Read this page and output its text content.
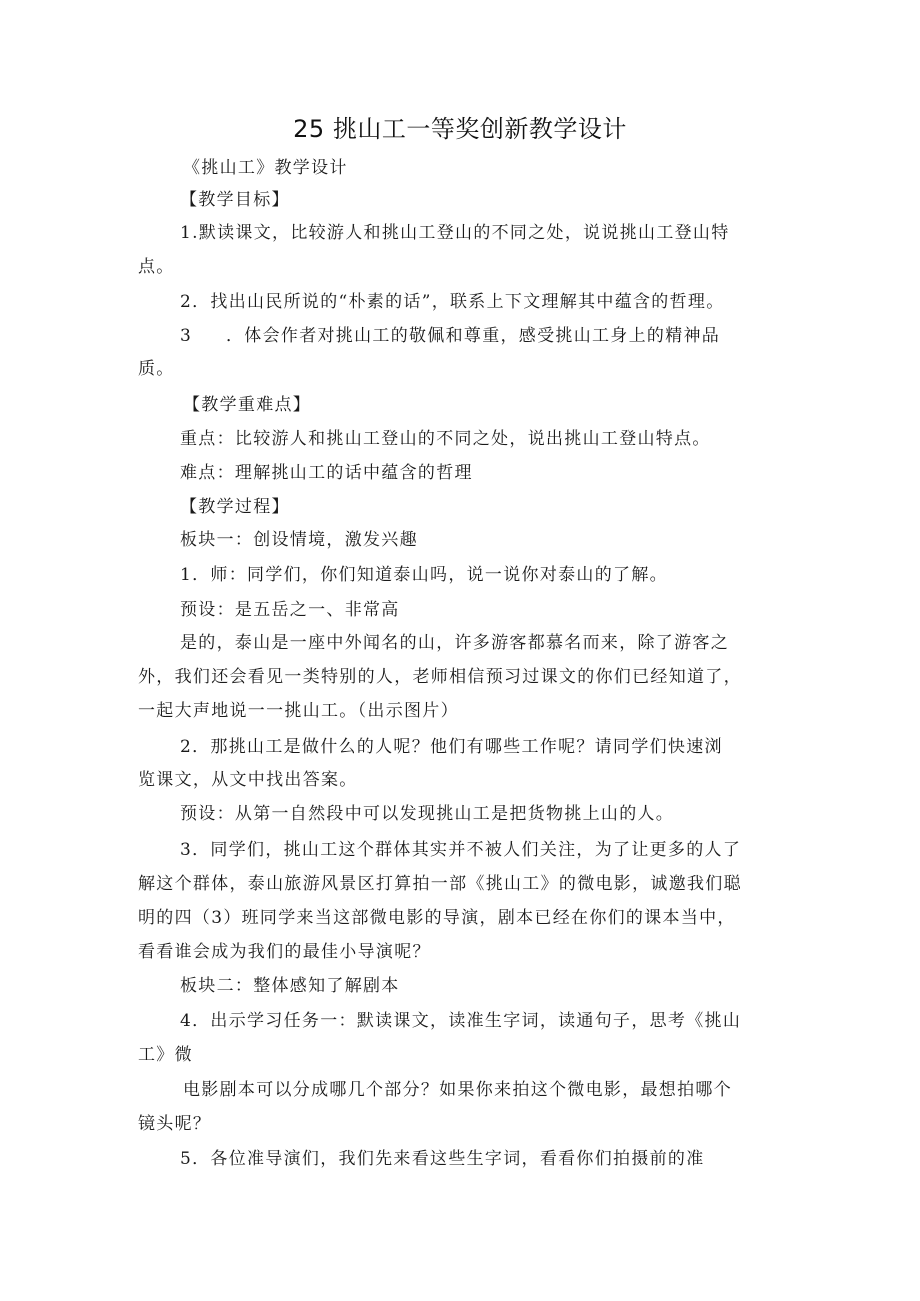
25 挑山工一等奖创新教学设计
《挑山工》教学设计
【教学目标】
1.默读课文，比较游人和挑山工登山的不同之处，说说挑山工登山特
点。
2．找出山民所说的“朴素的话”，联系上下文理解其中蕴含的哲理。
3 ．体会作者对挑山工的敬佩和尊重，感受挑山工身上的精神品
质。
【教学重难点】
重点：比较游人和挑山工登山的不同之处，说出挑山工登山特点。
难点：理解挑山工的话中蕴含的哲理
【教学过程】
板块一：创设情境，激发兴趣
1．师：同学们，你们知道泰山吗，说一说你对泰山的了解。
预设：是五岳之一、非常高
是的，泰山是一座中外闻名的山，许多游客都慕名而来，除了游客之
外，我们还会看见一类特别的人，老师相信预习过课文的你们已经知道了，
一起大声地说一一挑山工。（出示图片）
2．那挑山工是做什么的人呢？他们有哪些工作呢？请同学们快速浏
览课文，从文中找出答案。
预设：从第一自然段中可以发现挑山工是把货物挑上山的人。
3．同学们，挑山工这个群体其实并不被人们关注，为了让更多的人了
解这个群体，泰山旅游风景区打算拍一部《挑山工》的微电影，诚邀我们聪
明的四（3）班同学来当这部微电影的导演，剧本已经在你们的课本当中，
看看谁会成为我们的最佳小导演呢？
板块二：整体感知了解剧本
4．出示学习任务一：默读课文，读准生字词，读通句子，思考《挑山
工》微
电影剧本可以分成哪几个部分？如果你来拍这个微电影，最想拍哪个
镜头呢？
5．各位准导演们，我们先来看这些生字词，看看你们拍摄前的准
